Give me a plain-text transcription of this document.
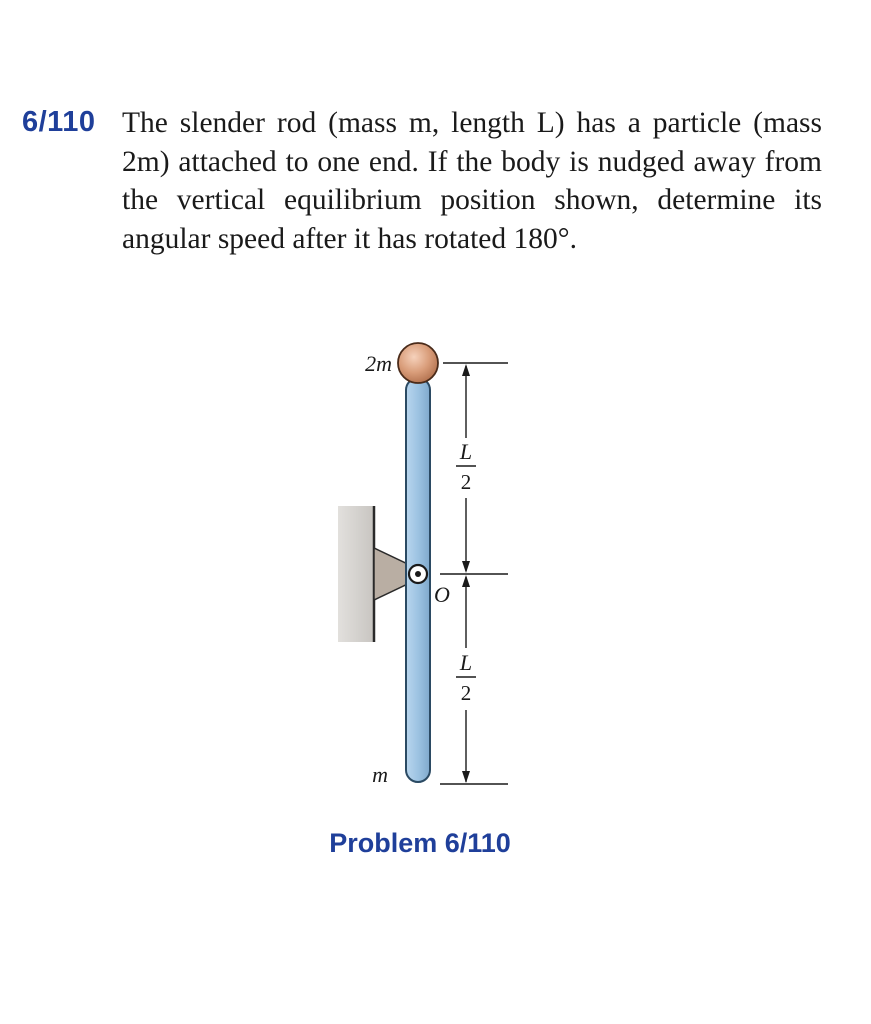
6/110 The slender rod (mass m, length L) has a particle (mass 2m) attached to one end. If the body is nudged away from the vertical equilibrium position shown, determine its angular speed after it has rotated 180°.
L
2
L
2
2m
O
m
Problem 6/110
